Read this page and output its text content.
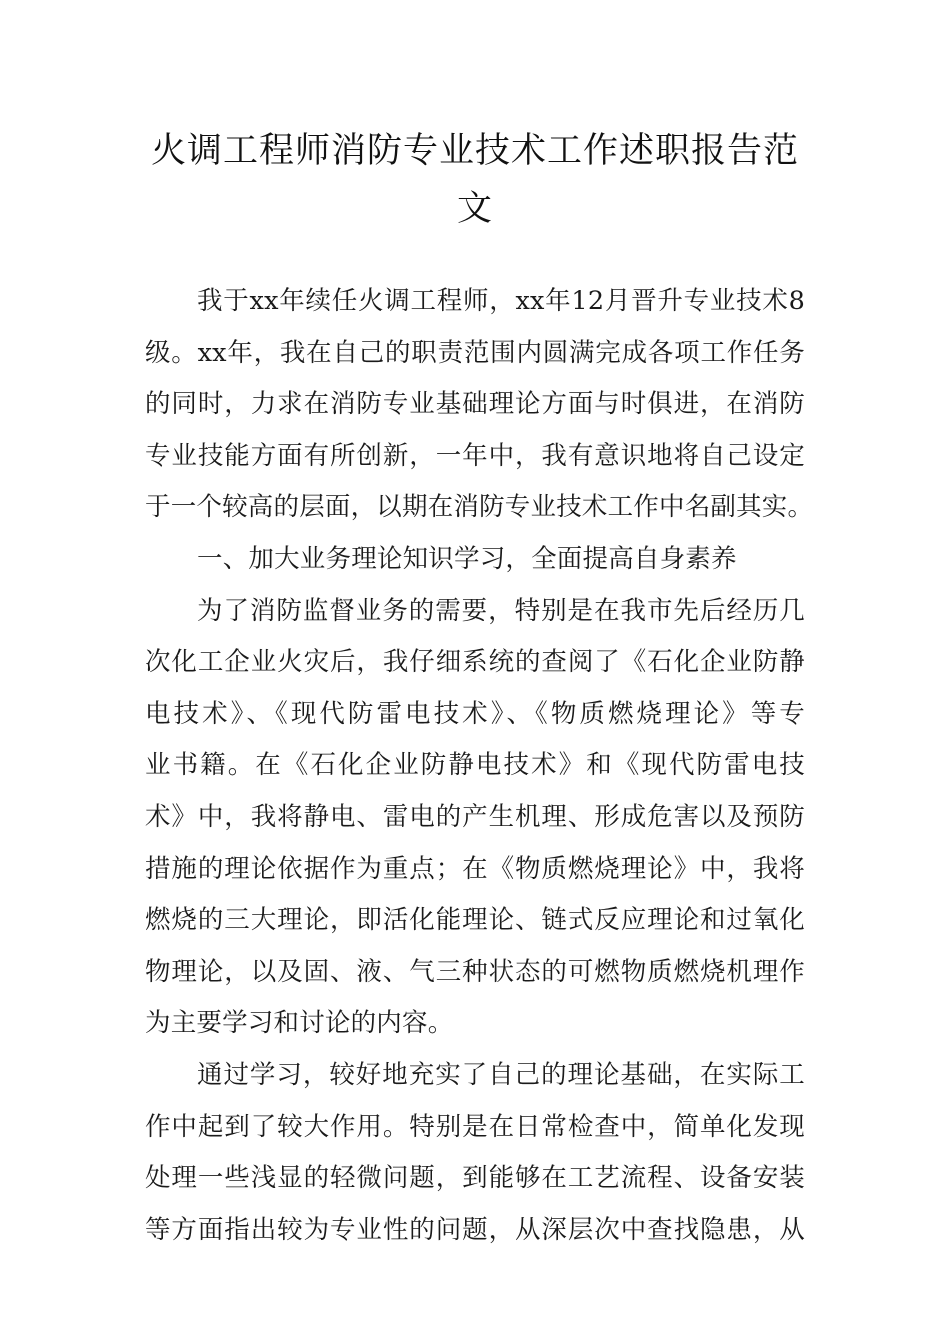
火调工程师消防专业技术工作述职报告范
文
我于xx年续任火调工程师，xx年12月晋升专业技术8
级。xx年，我在自己的职责范围内圆满完成各项工作任务
的同时，力求在消防专业基础理论方面与时俱进，在消防
专业技能方面有所创新，一年中，我有意识地将自己设定
于一个较高的层面，以期在消防专业技术工作中名副其实。
一、加大业务理论知识学习，全面提高自身素养
为了消防监督业务的需要，特别是在我市先后经历几
次化工企业火灾后，我仔细系统的查阅了《石化企业防静
电技术》、《现代防雷电技术》、《物质燃烧理论》等专
业书籍。在《石化企业防静电技术》和《现代防雷电技
术》中，我将静电、雷电的产生机理、形成危害以及预防
措施的理论依据作为重点；在《物质燃烧理论》中，我将
燃烧的三大理论，即活化能理论、链式反应理论和过氧化
物理论，以及固、液、气三种状态的可燃物质燃烧机理作
为主要学习和讨论的内容。
通过学习，较好地充实了自己的理论基础，在实际工
作中起到了较大作用。特别是在日常检查中，简单化发现
处理一些浅显的轻微问题，到能够在工艺流程、设备安装
等方面指出较为专业性的问题，从深层次中查找隐患，从
